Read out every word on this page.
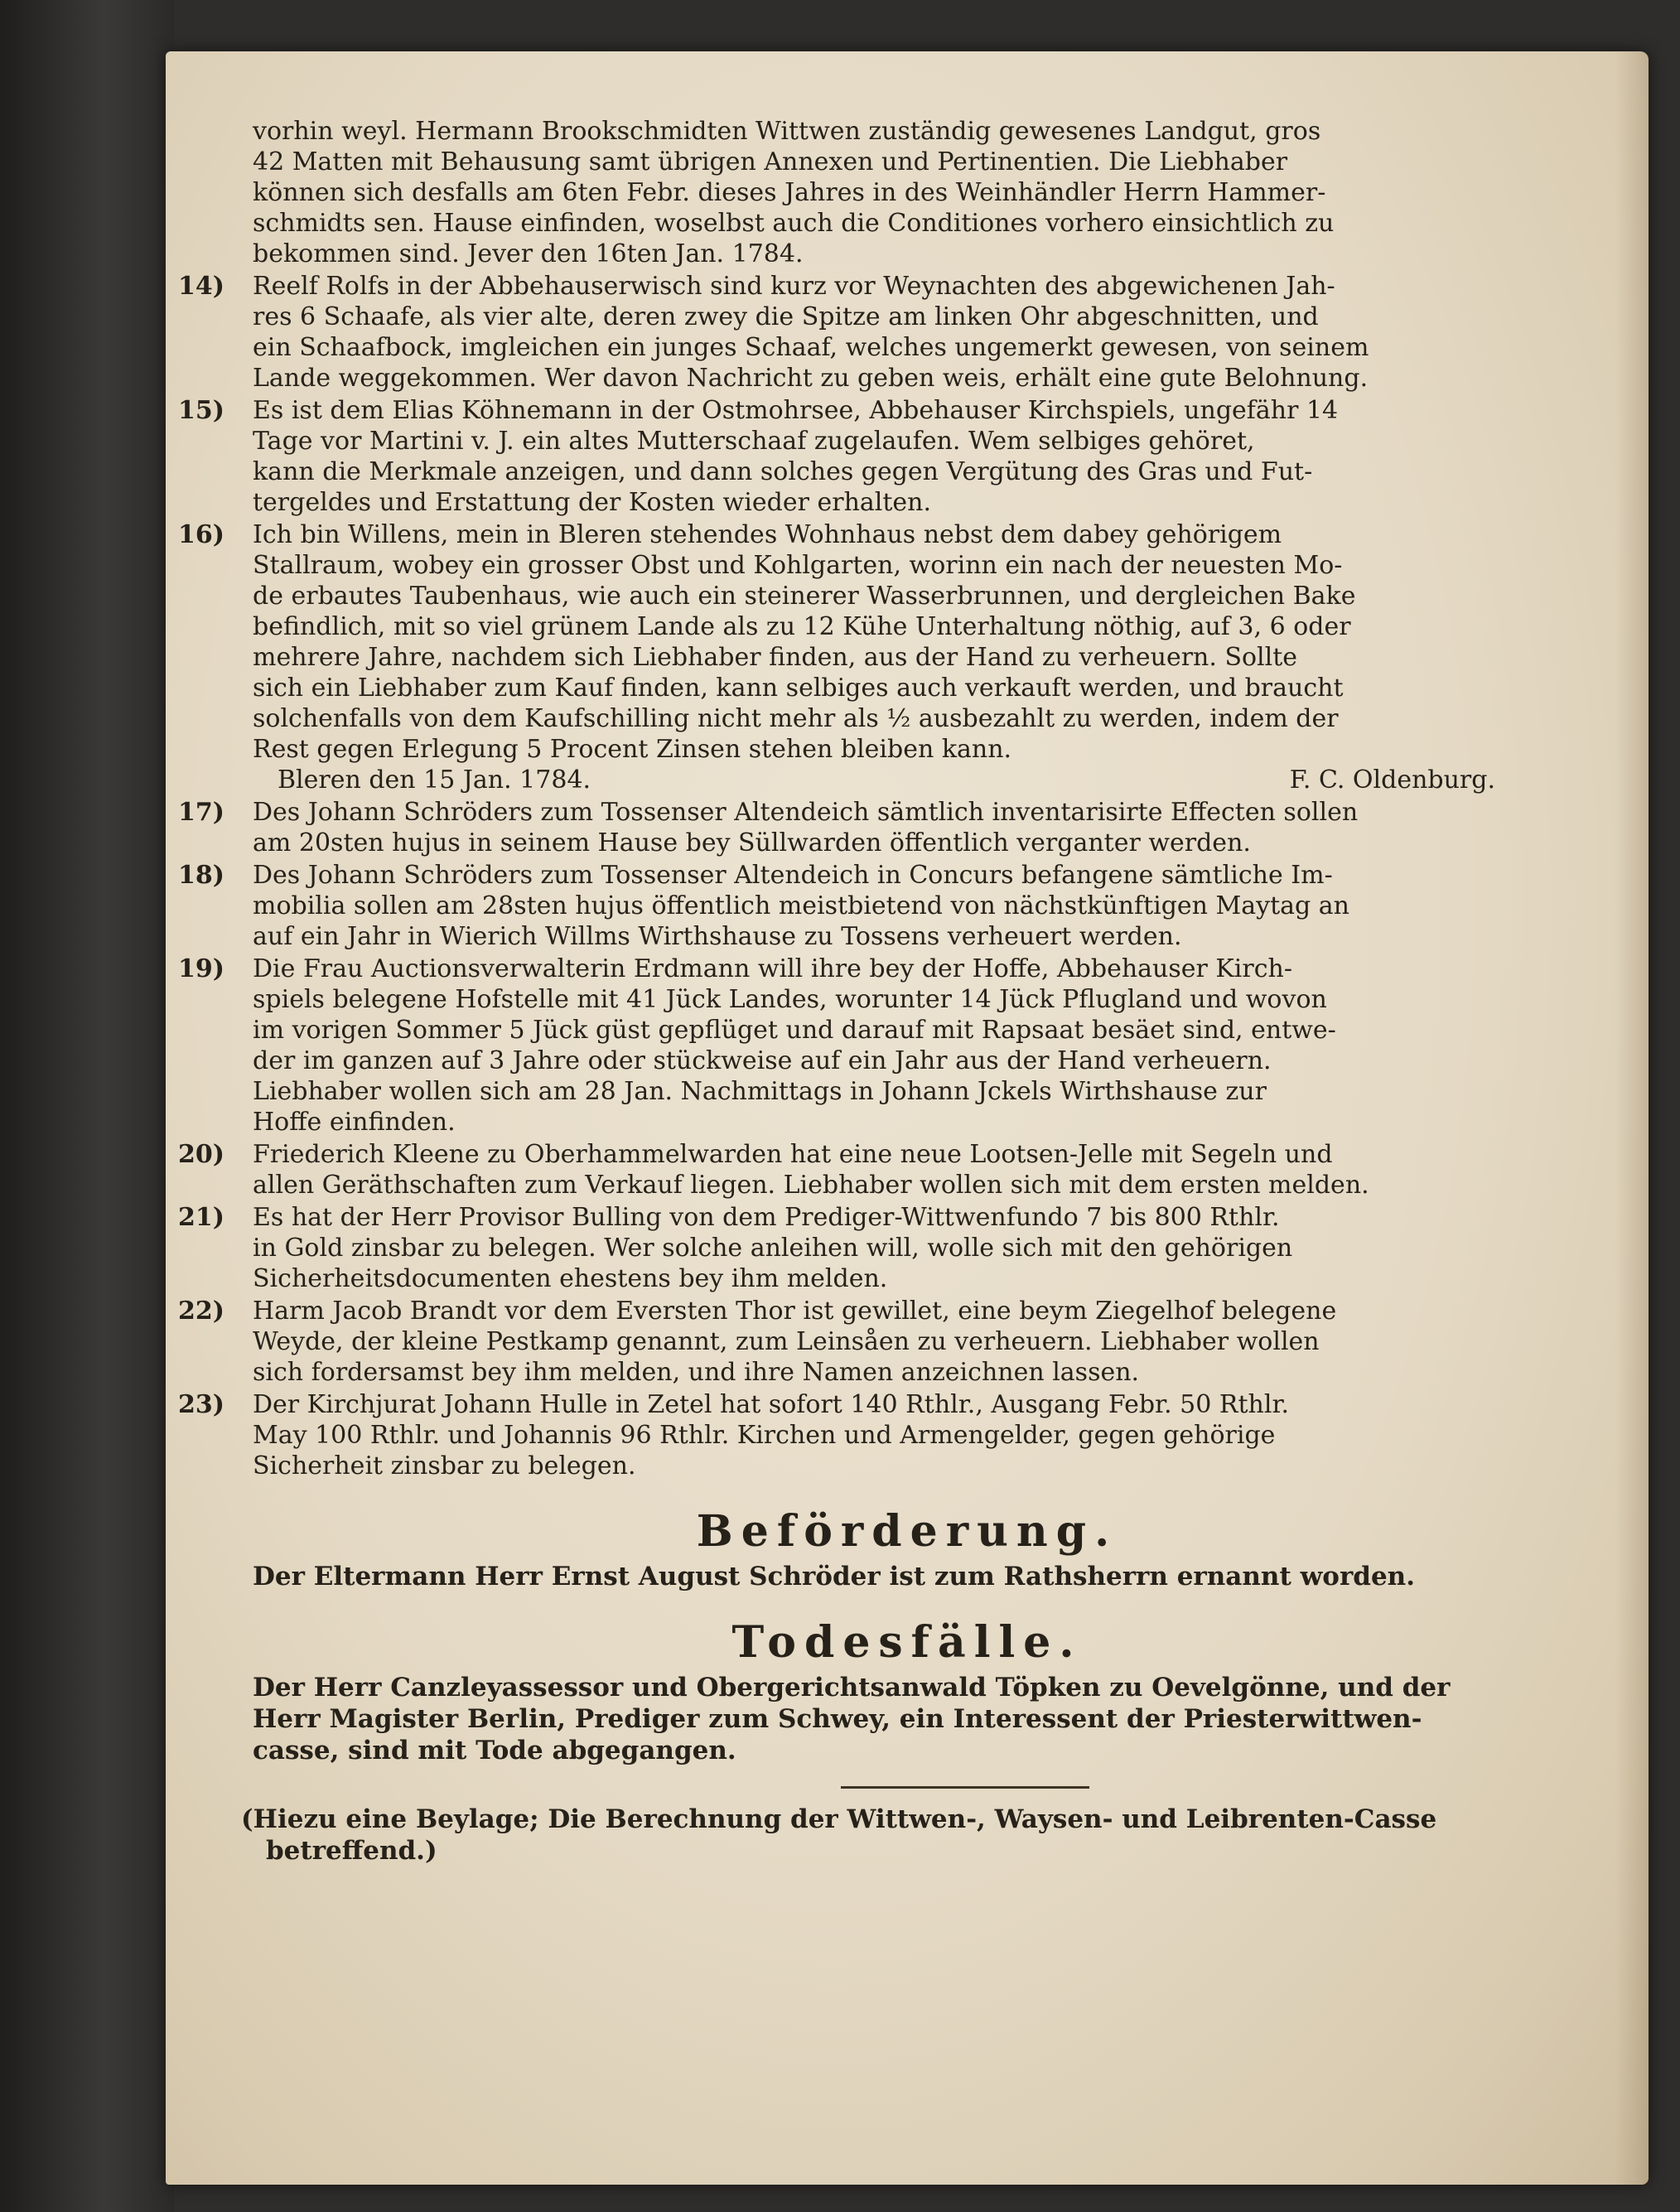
vorhin weyl. Hermann Brookschmidten Wittwen zuständig gewesenes Landgut, gros
42 Matten mit Behausung samt übrigen Annexen und Pertinentien. Die Liebhaber
können sich desfalls am 6ten Febr. dieses Jahres in des Weinhändler Herrn Hammer-
schmidts sen. Hause einfinden, woselbst auch die Conditiones vorhero einsichtlich zu
bekommen sind. Jever den 16ten Jan. 1784.
14)	Reelf Rolfs in der Abbehauserwisch sind kurz vor Weynachten des abgewichenen Jah-
res 6 Schaafe, als vier alte, deren zwey die Spitze am linken Ohr abgeschnitten, und
ein Schaafbock, imgleichen ein junges Schaaf, welches ungemerkt gewesen, von seinem
Lande weggekommen. Wer davon Nachricht zu geben weis, erhält eine gute Belohnung.
15)	Es ist dem Elias Köhnemann in der Ostmohrsee, Abbehauser Kirchspiels, ungefähr 14
Tage vor Martini v. J. ein altes Mutterschaaf zugelaufen. Wem selbiges gehöret,
kann die Merkmale anzeigen, und dann solches gegen Vergütung des Gras und Fut-
tergeldes und Erstattung der Kosten wieder erhalten.
16)	Ich bin Willens, mein in Bleren stehendes Wohnhaus nebst dem dabey gehörigem
Stallraum, wobey ein grosser Obst und Kohlgarten, worinn ein nach der neuesten Mo-
de erbautes Taubenhaus, wie auch ein steinerer Wasserbrunnen, und dergleichen Bake
befindlich, mit so viel grünem Lande als zu 12 Kühe Unterhaltung nöthig, auf 3, 6 oder
mehrere Jahre, nachdem sich Liebhaber finden, aus der Hand zu verheuern. Sollte
sich ein Liebhaber zum Kauf finden, kann selbiges auch verkauft werden, und braucht
solchenfalls von dem Kaufschilling nicht mehr als ½ ausbezahlt zu werden, indem der
Rest gegen Erlegung 5 Procent Zinsen stehen bleiben kann.
Bleren den 15 Jan. 1784.	F. C. Oldenburg.
17)	Des Johann Schröders zum Tossenser Altendeich sämtlich inventarisirte Effecten sollen
am 20sten hujus in seinem Hause bey Süllwarden öffentlich verganter werden.
18)	Des Johann Schröders zum Tossenser Altendeich in Concurs befangene sämtliche Im-
mobilia sollen am 28sten hujus öffentlich meistbietend von nächstkünftigen Maytag an
auf ein Jahr in Wierich Willms Wirthshause zu Tossens verheuert werden.
19)	Die Frau Auctionsverwalterin Erdmann will ihre bey der Hoffe, Abbehauser Kirch-
spiels belegene Hofstelle mit 41 Jück Landes, worunter 14 Jück Pflugland und wovon
im vorigen Sommer 5 Jück güst gepflüget und darauf mit Rapsaat besäet sind, entwe-
der im ganzen auf 3 Jahre oder stückweise auf ein Jahr aus der Hand verheuern.
Liebhaber wollen sich am 28 Jan. Nachmittags in Johann Jckels Wirthshause zur
Hoffe einfinden.
20)	Friederich Kleene zu Oberhammelwarden hat eine neue Lootsen-Jelle mit Segeln und
allen Geräthschaften zum Verkauf liegen. Liebhaber wollen sich mit dem ersten melden.
21)	Es hat der Herr Provisor Bulling von dem Prediger-Wittwenfundo 7 bis 800 Rthlr.
in Gold zinsbar zu belegen. Wer solche anleihen will, wolle sich mit den gehörigen
Sicherheitsdocumenten ehestens bey ihm melden.
22)	Harm Jacob Brandt vor dem Eversten Thor ist gewillet, eine beym Ziegelhof belegene
Weyde, der kleine Pestkamp genannt, zum Leinsåen zu verheuern. Liebhaber wollen
sich fordersamst bey ihm melden, und ihre Namen anzeichnen lassen.
23)	Der Kirchjurat Johann Hulle in Zetel hat sofort 140 Rthlr., Ausgang Febr. 50 Rthlr.
May 100 Rthlr. und Johannis 96 Rthlr. Kirchen und Armengelder, gegen gehörige
Sicherheit zinsbar zu belegen.
Beförderung.
Der Eltermann Herr Ernst August Schröder ist zum Rathsherrn ernannt worden.
Todesfälle.
Der Herr Canzleyassessor und Obergerichtsanwald Töpken zu Oevelgönne, und der
Herr Magister Berlin, Prediger zum Schwey, ein Interessent der Priesterwittwen-
casse, sind mit Tode abgegangen.
(Hiezu eine Beylage; Die Berechnung der Wittwen-, Waysen- und Leibrenten-Casse
betreffend.)
